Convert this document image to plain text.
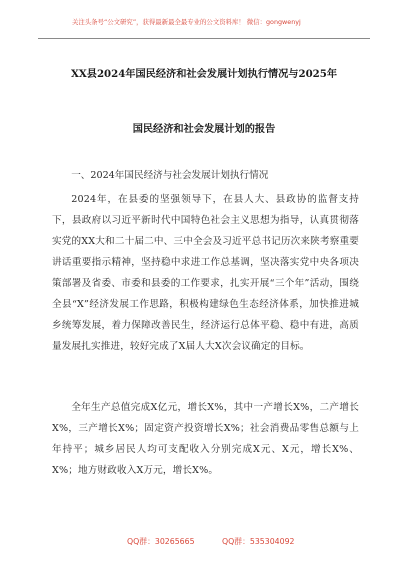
关注头条号“公文研究”，获得最新最全最专业的公文资料库！ 微信：gongwenyj
XX县2024年国民经济和社会发展计划执行情况与2025年
国民经济和社会发展计划的报告
一、2024年国民经济与社会发展计划执行情况
2024年，在县委的坚强领导下，在县人大、县政协的监督支持下，县政府以习近平新时代中国特色社会主义思想为指导，认真贯彻落实党的XX大和二十届二中、三中全会及习近平总书记历次来陕考察重要讲话重要指示精神，坚持稳中求进工作总基调，坚决落实党中央各项决策部署及省委、市委和县委的工作要求，扎实开展“三个年”活动，围绕全县“X”经济发展工作思路，积极构建绿色生态经济体系，加快推进城乡统筹发展，着力保障改善民生，经济运行总体平稳、稳中有进，高质量发展扎实推进，较好完成了X届人大X次会议确定的目标。
全年生产总值完成X亿元，增长X%，其中一产增长X%，二产增长X%，三产增长X%；固定资产投资增长X%；社会消费品零售总额与上年持平；城乡居民人均可支配收入分别完成X元、X元，增长X%、X%；地方财政收入X万元，增长X%。
QQ群：30265665	QQ群：535304092
